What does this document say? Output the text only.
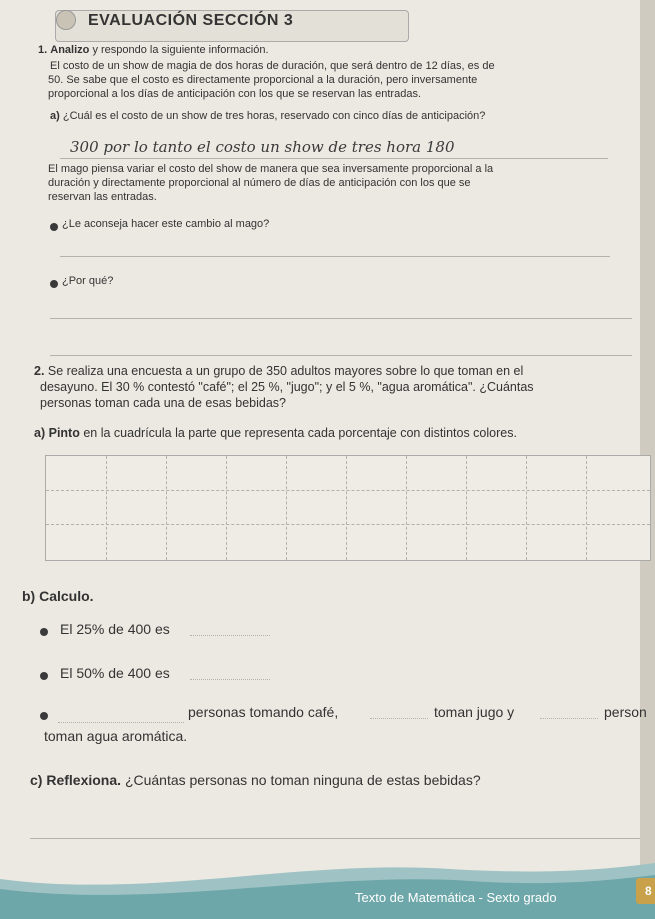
EVALUACIÓN SECCIÓN 3
1. Analizo y respondo la siguiente información.
El costo de un show de magia de dos horas de duración, que será dentro de 12 días, es de
50. Se sabe que el costo es directamente proporcional a la duración, pero inversamente
proporcional a los días de anticipación con los que se reservan las entradas.
a) ¿Cuál es el costo de un show de tres horas, reservado con cinco días de anticipación?
300 por lo tanto el costo un show de tres hora 180
El mago piensa variar el costo del show de manera que sea inversamente proporcional a la
duración y directamente proporcional al número de días de anticipación con los que se
reservan las entradas.
¿Le aconseja hacer este cambio al mago?
¿Por qué?
2. Se realiza una encuesta a un grupo de 350 adultos mayores sobre lo que toman en el
desayuno. El 30 % contestó "café"; el 25 %, "jugo"; y el 5 %, "agua aromática". ¿Cuántas
personas toman cada una de esas bebidas?
a) Pinto en la cuadrícula la parte que representa cada porcentaje con distintos colores.
b) Calculo.
El 25% de 400 es
El 50% de 400 es
personas tomando café,	toman jugo y	person
toman agua aromática.
c) Reflexiona. ¿Cuántas personas no toman ninguna de estas bebidas?
Texto de Matemática - Sexto grado	8
